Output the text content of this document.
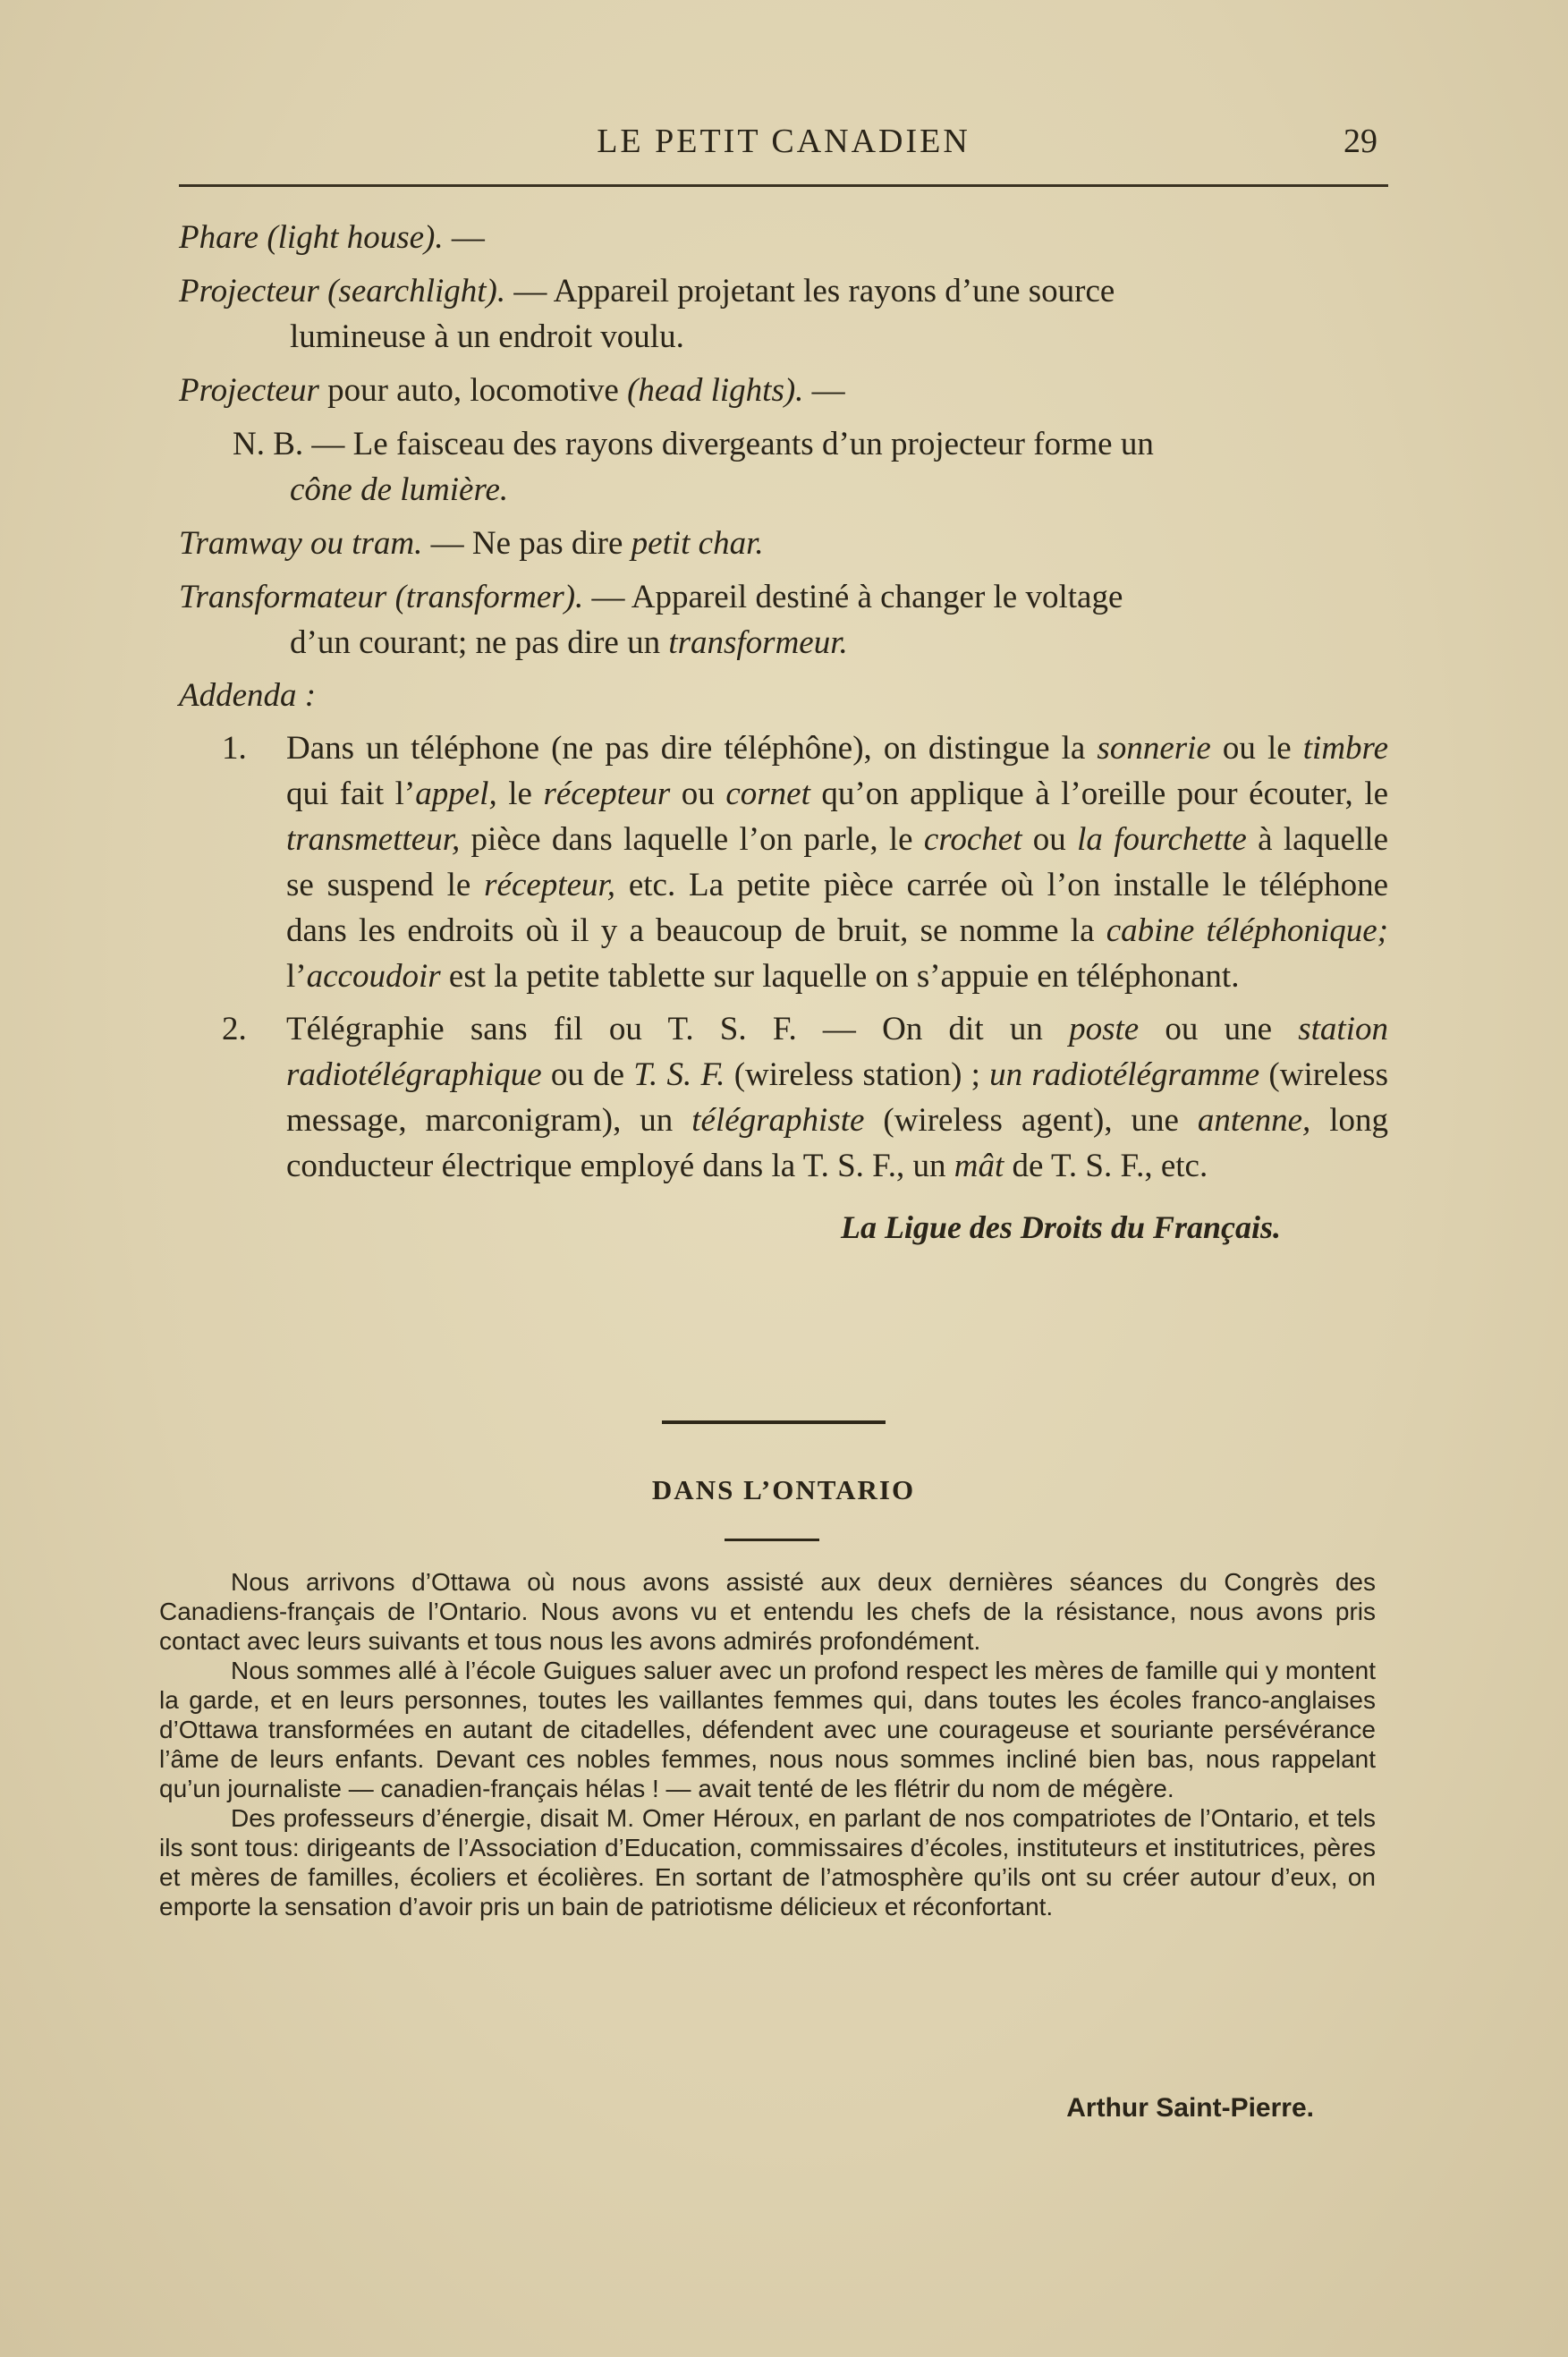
LE PETIT CANADIEN	29
Phare (light house). —
Projecteur (searchlight). — Appareil projetant les rayons d’une source
lumineuse à un endroit voulu.
Projecteur pour auto, locomotive (head lights). —
N. B. — Le faisceau des rayons divergeants d’un projecteur forme un
cône de lumière.
Tramway ou tram. — Ne pas dire petit char.
Transformateur (transformer). — Appareil destiné à changer le voltage
d’un courant; ne pas dire un transformeur.
Addenda :
1.	Dans un téléphone (ne pas dire téléphône), on distingue la sonnerie ou le timbre qui fait l’appel, le récepteur ou cornet qu’on applique à l’oreille pour écouter, le transmetteur, pièce dans laquelle l’on parle, le crochet ou la fourchette à laquelle se suspend le récepteur, etc. La petite pièce carrée où l’on installe le téléphone dans les endroits où il y a beaucoup de bruit, se nomme la cabine téléphonique; l’accoudoir est la petite tablette sur laquelle on s’appuie en téléphonant.
2.	Télégraphie sans fil ou T. S. F. — On dit un poste ou une station radiotélégraphique ou de T. S. F. (wireless station) ; un radiotélégramme (wireless message, marconigram), un télégraphiste (wireless agent), une antenne, long conducteur électrique employé dans la T. S. F., un mât de T. S. F., etc.
La Ligue des Droits du Français.
DANS L’ONTARIO

Nous arrivons d’Ottawa où nous avons assisté aux deux dernières séances du Congrès des Canadiens-français de l’Ontario. Nous avons vu et entendu les chefs de la résistance, nous avons pris contact avec leurs suivants et tous nous les avons admirés profondément.

Nous sommes allé à l’école Guigues saluer avec un profond respect les mères de famille qui y montent la garde, et en leurs personnes, toutes les vaillantes femmes qui, dans toutes les écoles franco-anglaises d’Ottawa transformées en autant de citadelles, défendent avec une courageuse et souriante persévérance l’âme de leurs enfants. Devant ces nobles femmes, nous nous sommes incliné bien bas, nous rappelant qu’un journaliste — canadien-français hélas ! — avait tenté de les flétrir du nom de mégère.

Des professeurs d’énergie, disait M. Omer Héroux, en parlant de nos compatriotes de l’Ontario, et tels ils sont tous: dirigeants de l’Association d’Education, commissaires d’écoles, instituteurs et institutrices, pères et mères de familles, écoliers et écolières. En sortant de l’atmosphère qu’ils ont su créer autour d’eux, on emporte la sensation d’avoir pris un bain de patriotisme délicieux et réconfortant.

Arthur Saint-Pierre.
